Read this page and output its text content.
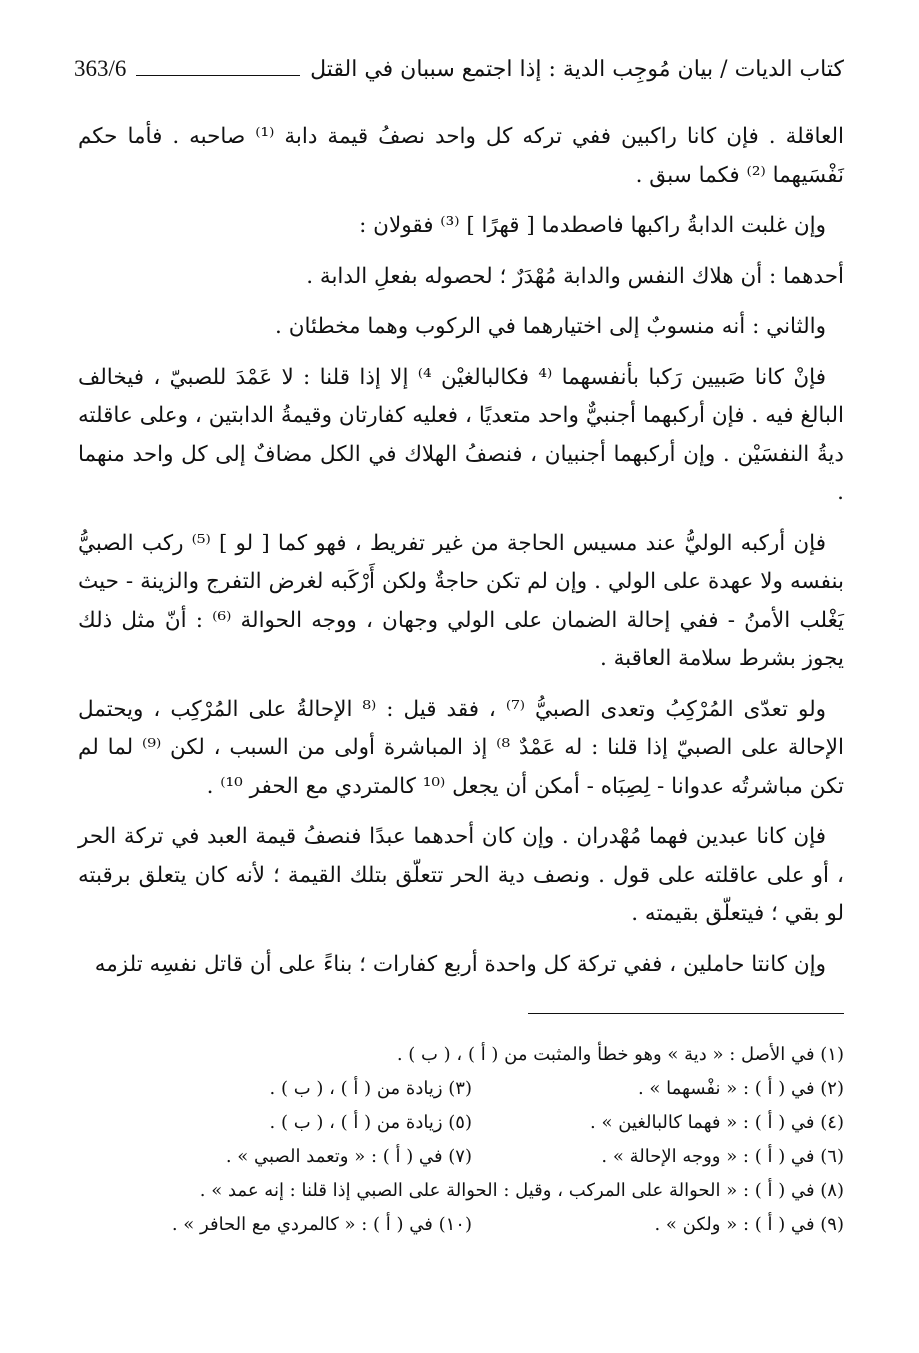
363/6	كتاب الديات / بيان مُوجِب الدية : إذا اجتمع سببان في القتل

العاقلة . فإن كانا راكبين ففي تركه كل واحد نصفُ قيمة دابة ⁽¹⁾ صاحبه . فأما حكم نَفْسَيهما ⁽²⁾ فكما سبق .

وإن غلبت الدابةُ راكبها فاصطدما [ قهرًا ] ⁽³⁾ فقولان :

أحدهما : أن هلاك النفس والدابة مُهْدَرٌ ؛ لحصوله بفعلِ الدابة .

والثاني : أنه منسوبٌ إلى اختيارهما في الركوب وهما مخطئان .

فإنْ كانا صَبيين رَكبا بأنفسهما ⁽⁴ فكالبالغيْن ⁴⁾ إلا إذا قلنا : لا عَمْدَ للصبيّ ، فيخالف البالغ فيه . فإن أركبهما أجنبيٌّ واحد متعديًا ، فعليه كفارتان وقيمةُ الدابتين ، وعلى عاقلته ديةُ النفسَيْن . وإن أركبهما أجنبيان ، فنصفُ الهلاك في الكل مضافٌ إلى كل واحد منهما .

فإن أركبه الوليُّ عند مسيس الحاجة من غير تفريط ، فهو كما [ لو ] ⁽⁵⁾ ركب الصبيُّ بنفسه ولا عهدة على الولي . وإن لم تكن حاجةٌ ولكن أَرْكَبه لغرض التفرج والزينة - حيث يَغْلب الأمنُ - ففي إحالة الضمان على الولي وجهان ، ووجه الحوالة ⁽⁶⁾ : أنّ مثل ذلك يجوز بشرط سلامة العاقبة .

ولو تعدّى المُرْكِبُ وتعدى الصبيُّ ⁽⁷⁾ ، فقد قيل : ⁽⁸ الإحالةُ على المُرْكِب ، ويحتمل الإحالة على الصبيّ إذا قلنا : له عَمْدٌ ⁸⁾ إذ المباشرة أولى من السبب ، لكن ⁽⁹⁾ لما لم تكن مباشرتُه عدوانا - لِصِبَاه - أمكن أن يجعل ⁽¹⁰ كالمتردي مع الحفر ¹⁰⁾ .

فإن كانا عبدين فهما مُهْدران . وإن كان أحدهما عبدًا فنصفُ قيمة العبد في تركة الحر ، أو على عاقلته على قول . ونصف دية الحر تتعلّق بتلك القيمة ؛ لأنه كان يتعلق برقبته لو بقي ؛ فيتعلّق بقيمته .

وإن كانتا حاملين ، ففي تركة كل واحدة أربع كفارات ؛ بناءً على أن قاتل نفسِه تلزمه

(١) في الأصل : « دية » وهو خطأ والمثبت من ( أ ) ، ( ب ) .

(٢) في ( أ ) : « نفْسهما » .
(٣) زيادة من ( أ ) ، ( ب ) .
(٤) في ( أ ) : « فهما كالبالغين » .
(٥) زيادة من ( أ ) ، ( ب ) .
(٦) في ( أ ) : « ووجه الإحالة » .
(٧) في ( أ ) : « وتعمد الصبي » .

(٨) في ( أ ) : « الحوالة على المركب ، وقيل : الحوالة على الصبي إذا قلنا : إنه عمد » .

(٩) في ( أ ) : « ولكن » .
(١٠) في ( أ ) : « كالمردي مع الحافر » .
